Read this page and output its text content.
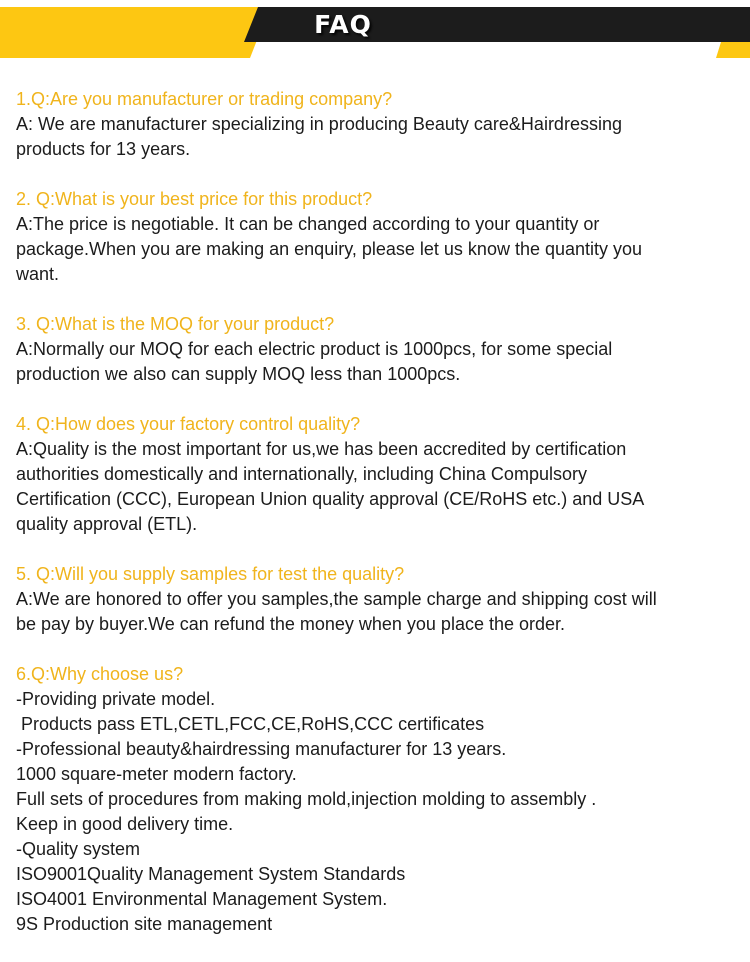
FAQ
1.Q:Are you manufacturer or trading company?
A: We are manufacturer specializing in producing Beauty care&Hairdressing
products for 13 years.
2. Q:What is your best price for this product?
A:The price is negotiable. It can be changed according to your quantity or
package.When you are making an enquiry, please let us know the quantity you
want.
3. Q:What is the MOQ for your product?
A:Normally our MOQ for each electric product is 1000pcs, for some special
production we also can supply MOQ less than 1000pcs.
4. Q:How does your factory control quality?
A:Quality is the most important for us,we has been accredited by certification
authorities domestically and internationally, including China Compulsory
Certification (CCC), European Union quality approval (CE/RoHS etc.) and USA
quality approval (ETL).
5. Q:Will you supply samples for test the quality?
A:We are honored to offer you samples,the sample charge and shipping cost will
be pay by buyer.We can refund the money when you place the order.
6.Q:Why choose us?
-Providing private model.
Products pass ETL,CETL,FCC,CE,RoHS,CCC certificates
-Professional beauty&hairdressing manufacturer for 13 years.
1000 square-meter modern factory.
Full sets of procedures from making mold,injection molding to assembly .
Keep in good delivery time.
-Quality system
ISO9001Quality Management System Standards
ISO4001 Environmental Management System.
9S Production site management
